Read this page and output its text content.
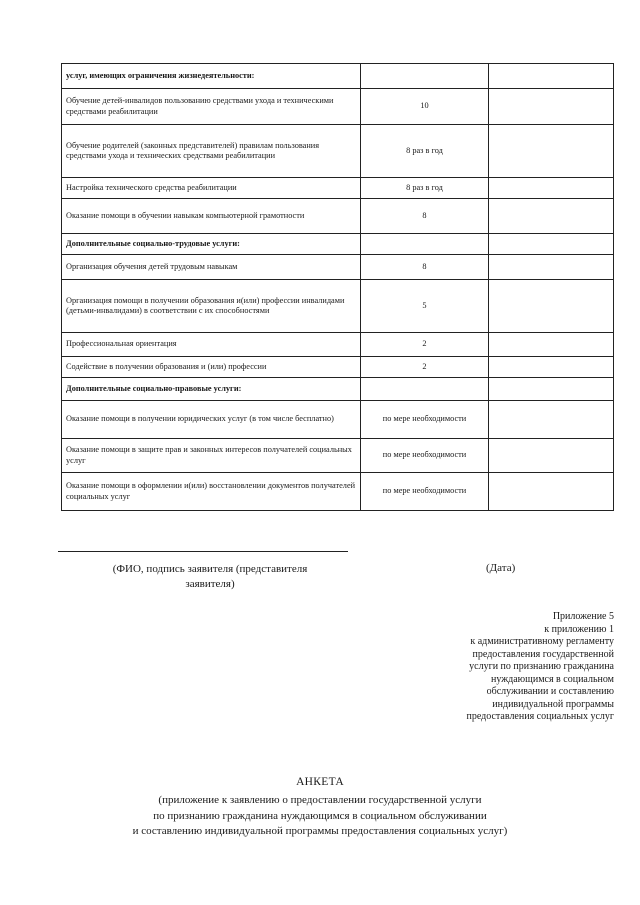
услуг, имеющих ограничения жизнедеятельности:		
Обучение детей-инвалидов пользованию средствами ухода и техническими средствами реабилитации	10	
Обучение родителей (законных представителей) правилам пользования средствами ухода и технических средствами реабилитации	8 раз в год	
Настройка технического средства реабилитации	8 раз в год	
Оказание помощи в обучении навыкам компьютерной грамотности	8	
Дополнительные социально-трудовые услуги:		
Организация обучения детей трудовым навыкам	8	
Организация помощи в получении образования и(или) профессии инвалидами (детьми-инвалидами) в соответствии с их способностями	5	
Профессиональная ориентация	2	
Содействие в получении образования и (или) профессии	2	
Дополнительные социально-правовые услуги:		
Оказание помощи в получении юридических услуг (в том числе бесплатно)	по мере необходимости	
Оказание помощи в защите прав и законных интересов получателей социальных услуг	по мере необходимости	
Оказание помощи в оформлении и(или) восстановлении документов получателей социальных услуг	по мере необходимости	
(ФИО, подпись заявителя (представителя
заявителя)
(Дата)
Приложение 5
к приложению 1
к административному регламенту
предоставления государственной
услуги по признанию гражданина
нуждающимся в социальном
обслуживании и составлению
индивидуальной программы
предоставления социальных услуг
АНКЕТА
(приложение к заявлению о предоставлении государственной услуги
по признанию гражданина нуждающимся в социальном обслуживании
и составлению индивидуальной программы предоставления социальных услуг)
